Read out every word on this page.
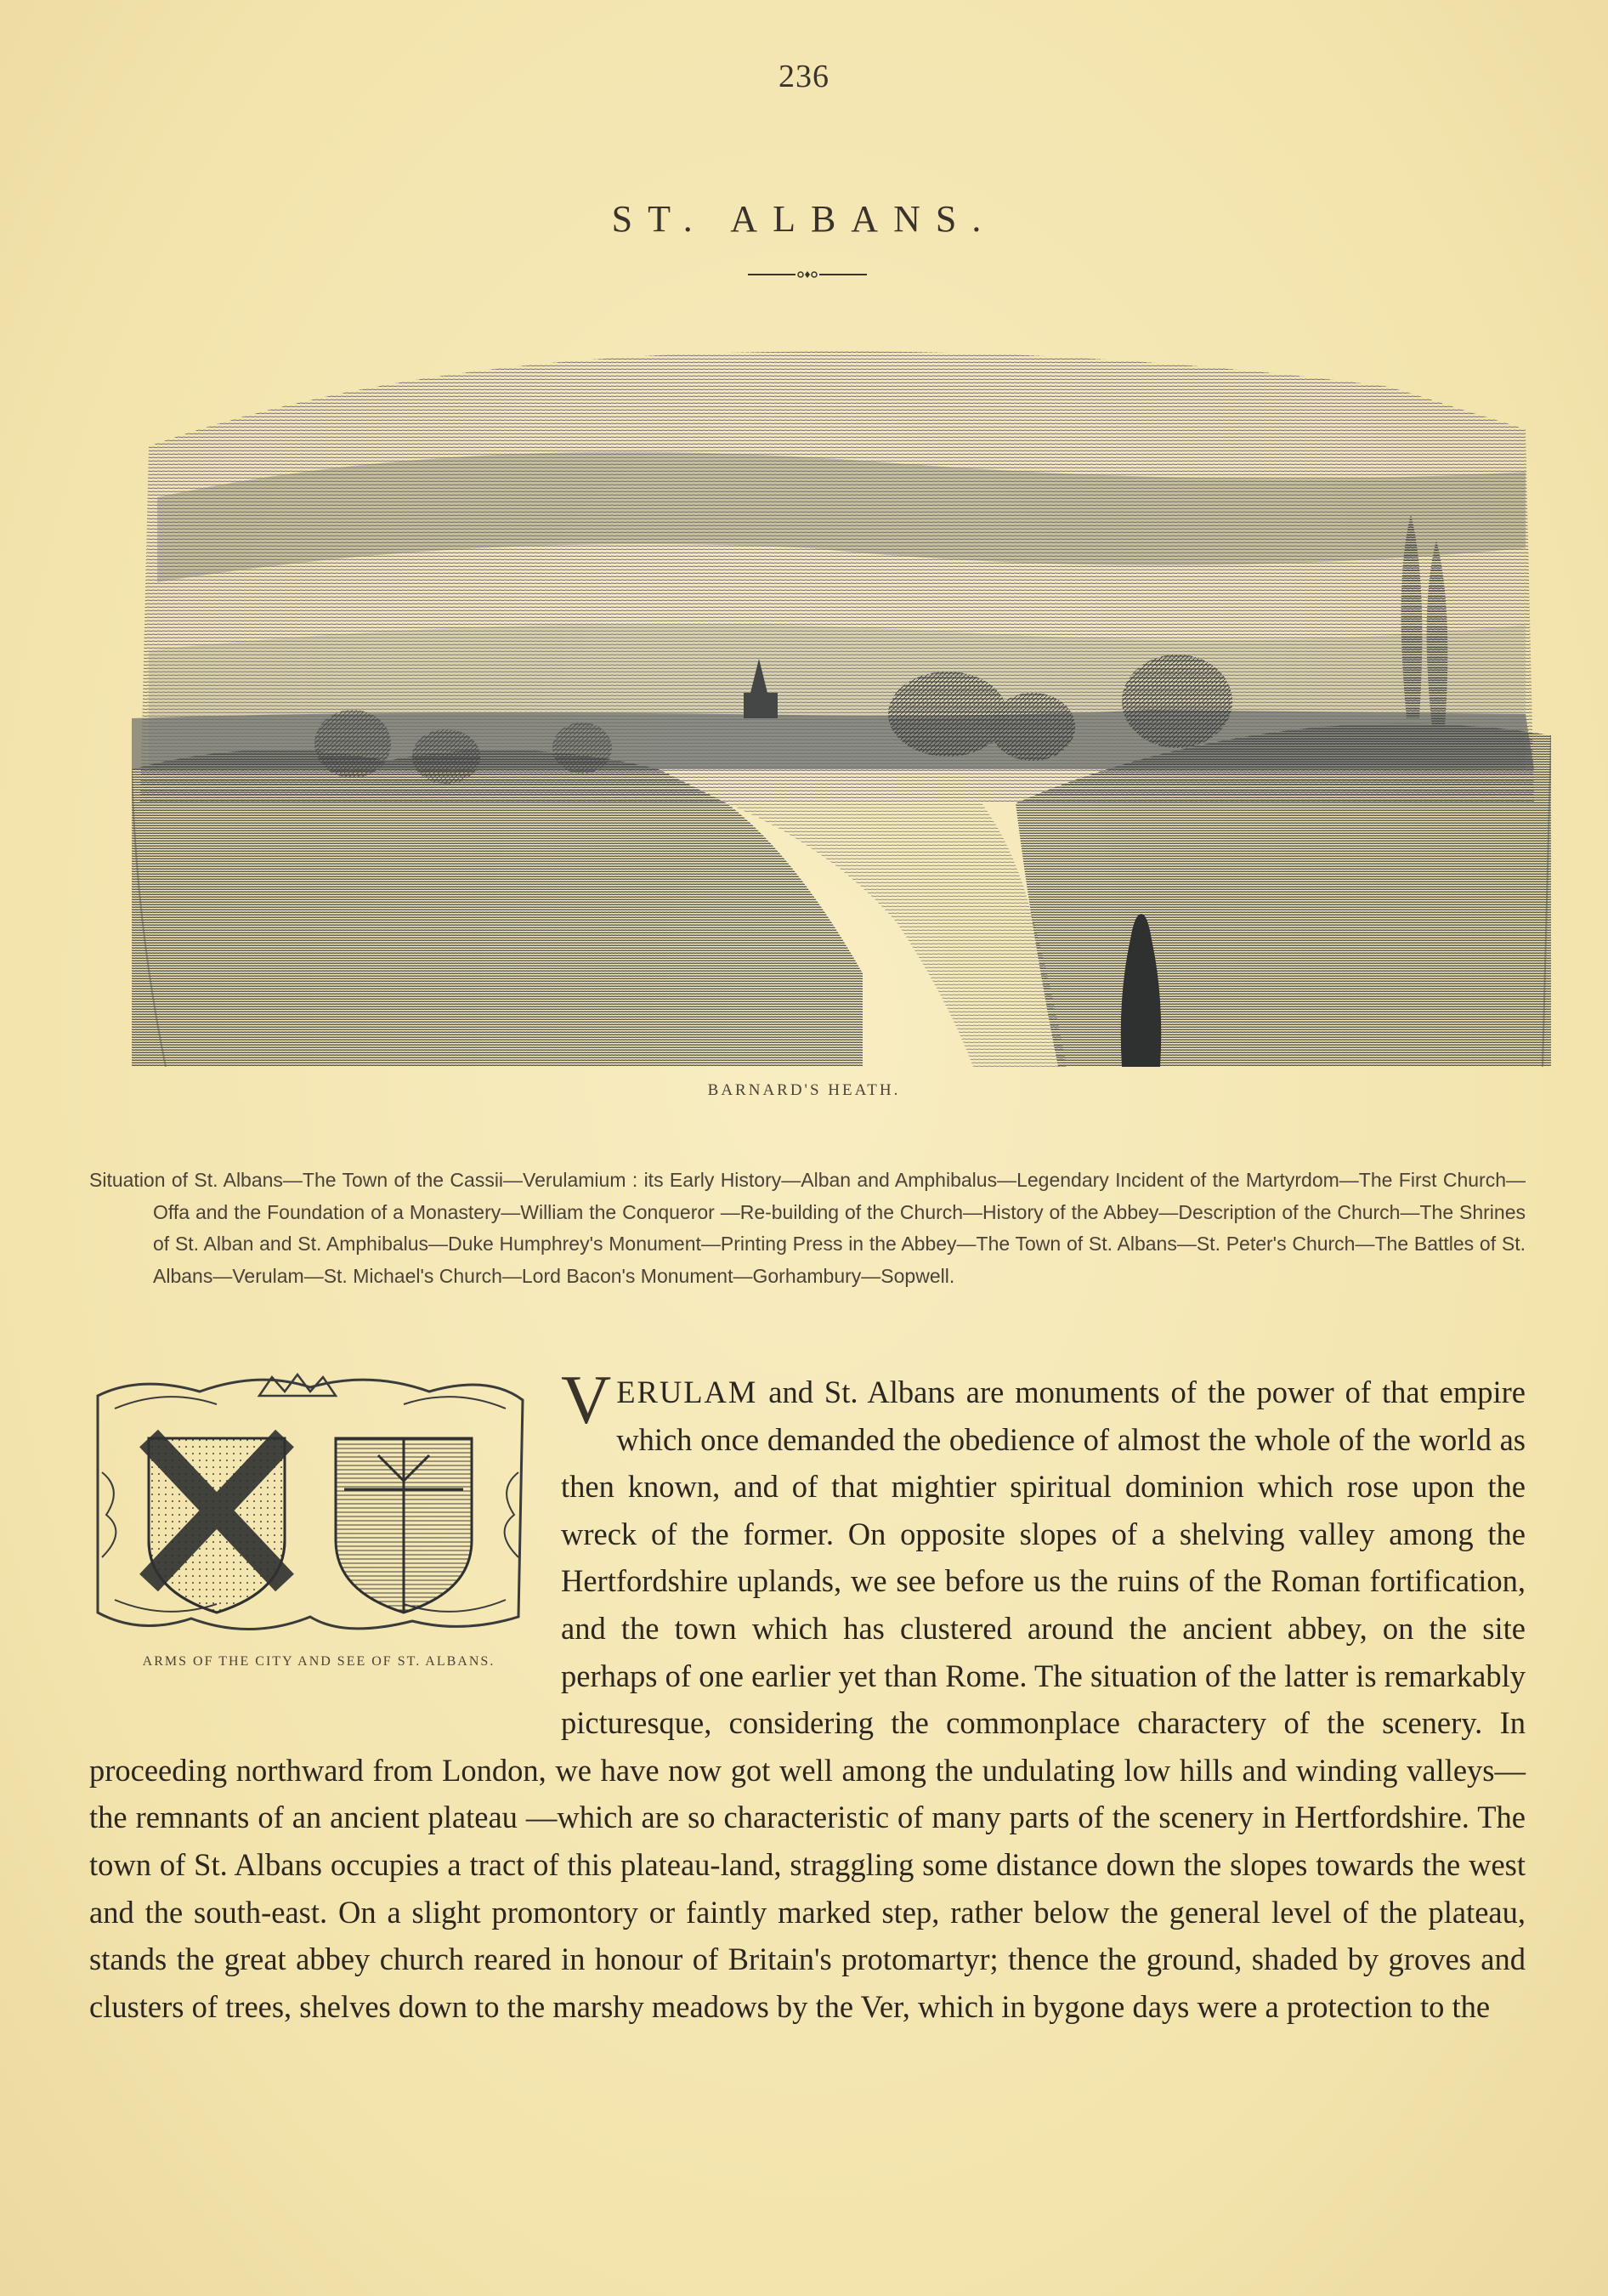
236
ST. ALBANS.
BARNARD'S HEATH.
Situation of St. Albans—The Town of the Cassii—Verulamium : its Early History—Alban and Amphibalus—Legendary Incident of the Martyrdom—The First Church—Offa and the Foundation of a Monastery—William the Conqueror —Re-building of the Church—History of the Abbey—Description of the Church—The Shrines of St. Alban and St. Amphibalus—Duke Humphrey's Monument—Printing Press in the Abbey—The Town of St. Albans—St. Peter's Church—The Battles of St. Albans—Verulam—St. Michael's Church—Lord Bacon's Monument—Gorhambury—Sopwell.
ARMS OF THE CITY AND SEE OF ST. ALBANS.
VERULAM and St. Albans are monuments of the power of that empire which once demanded the obedience of almost the whole of the world as then known, and of that mightier spiritual dominion which rose upon the wreck of the former. On opposite slopes of a shelving valley among the Hertfordshire uplands, we see before us the ruins of the Roman fortification, and the town which has clustered around the ancient abbey, on the site perhaps of one earlier yet than Rome. The situation of the latter is remarkably picturesque, considering the commonplace charactery of the scenery. In proceeding northward from London, we have now got well among the undulating low hills and winding valleys—the remnants of an ancient plateau —which are so characteristic of many parts of the scenery in Hertfordshire. The town of St. Albans occupies a tract of this plateau-land, straggling some distance down the slopes towards the west and the south-east. On a slight promontory or faintly marked step, rather below the general level of the plateau, stands the great abbey church reared in honour of Britain's protomartyr; thence the ground, shaded by groves and clusters of trees, shelves down to the marshy meadows by the Ver, which in bygone days were a protection to the
